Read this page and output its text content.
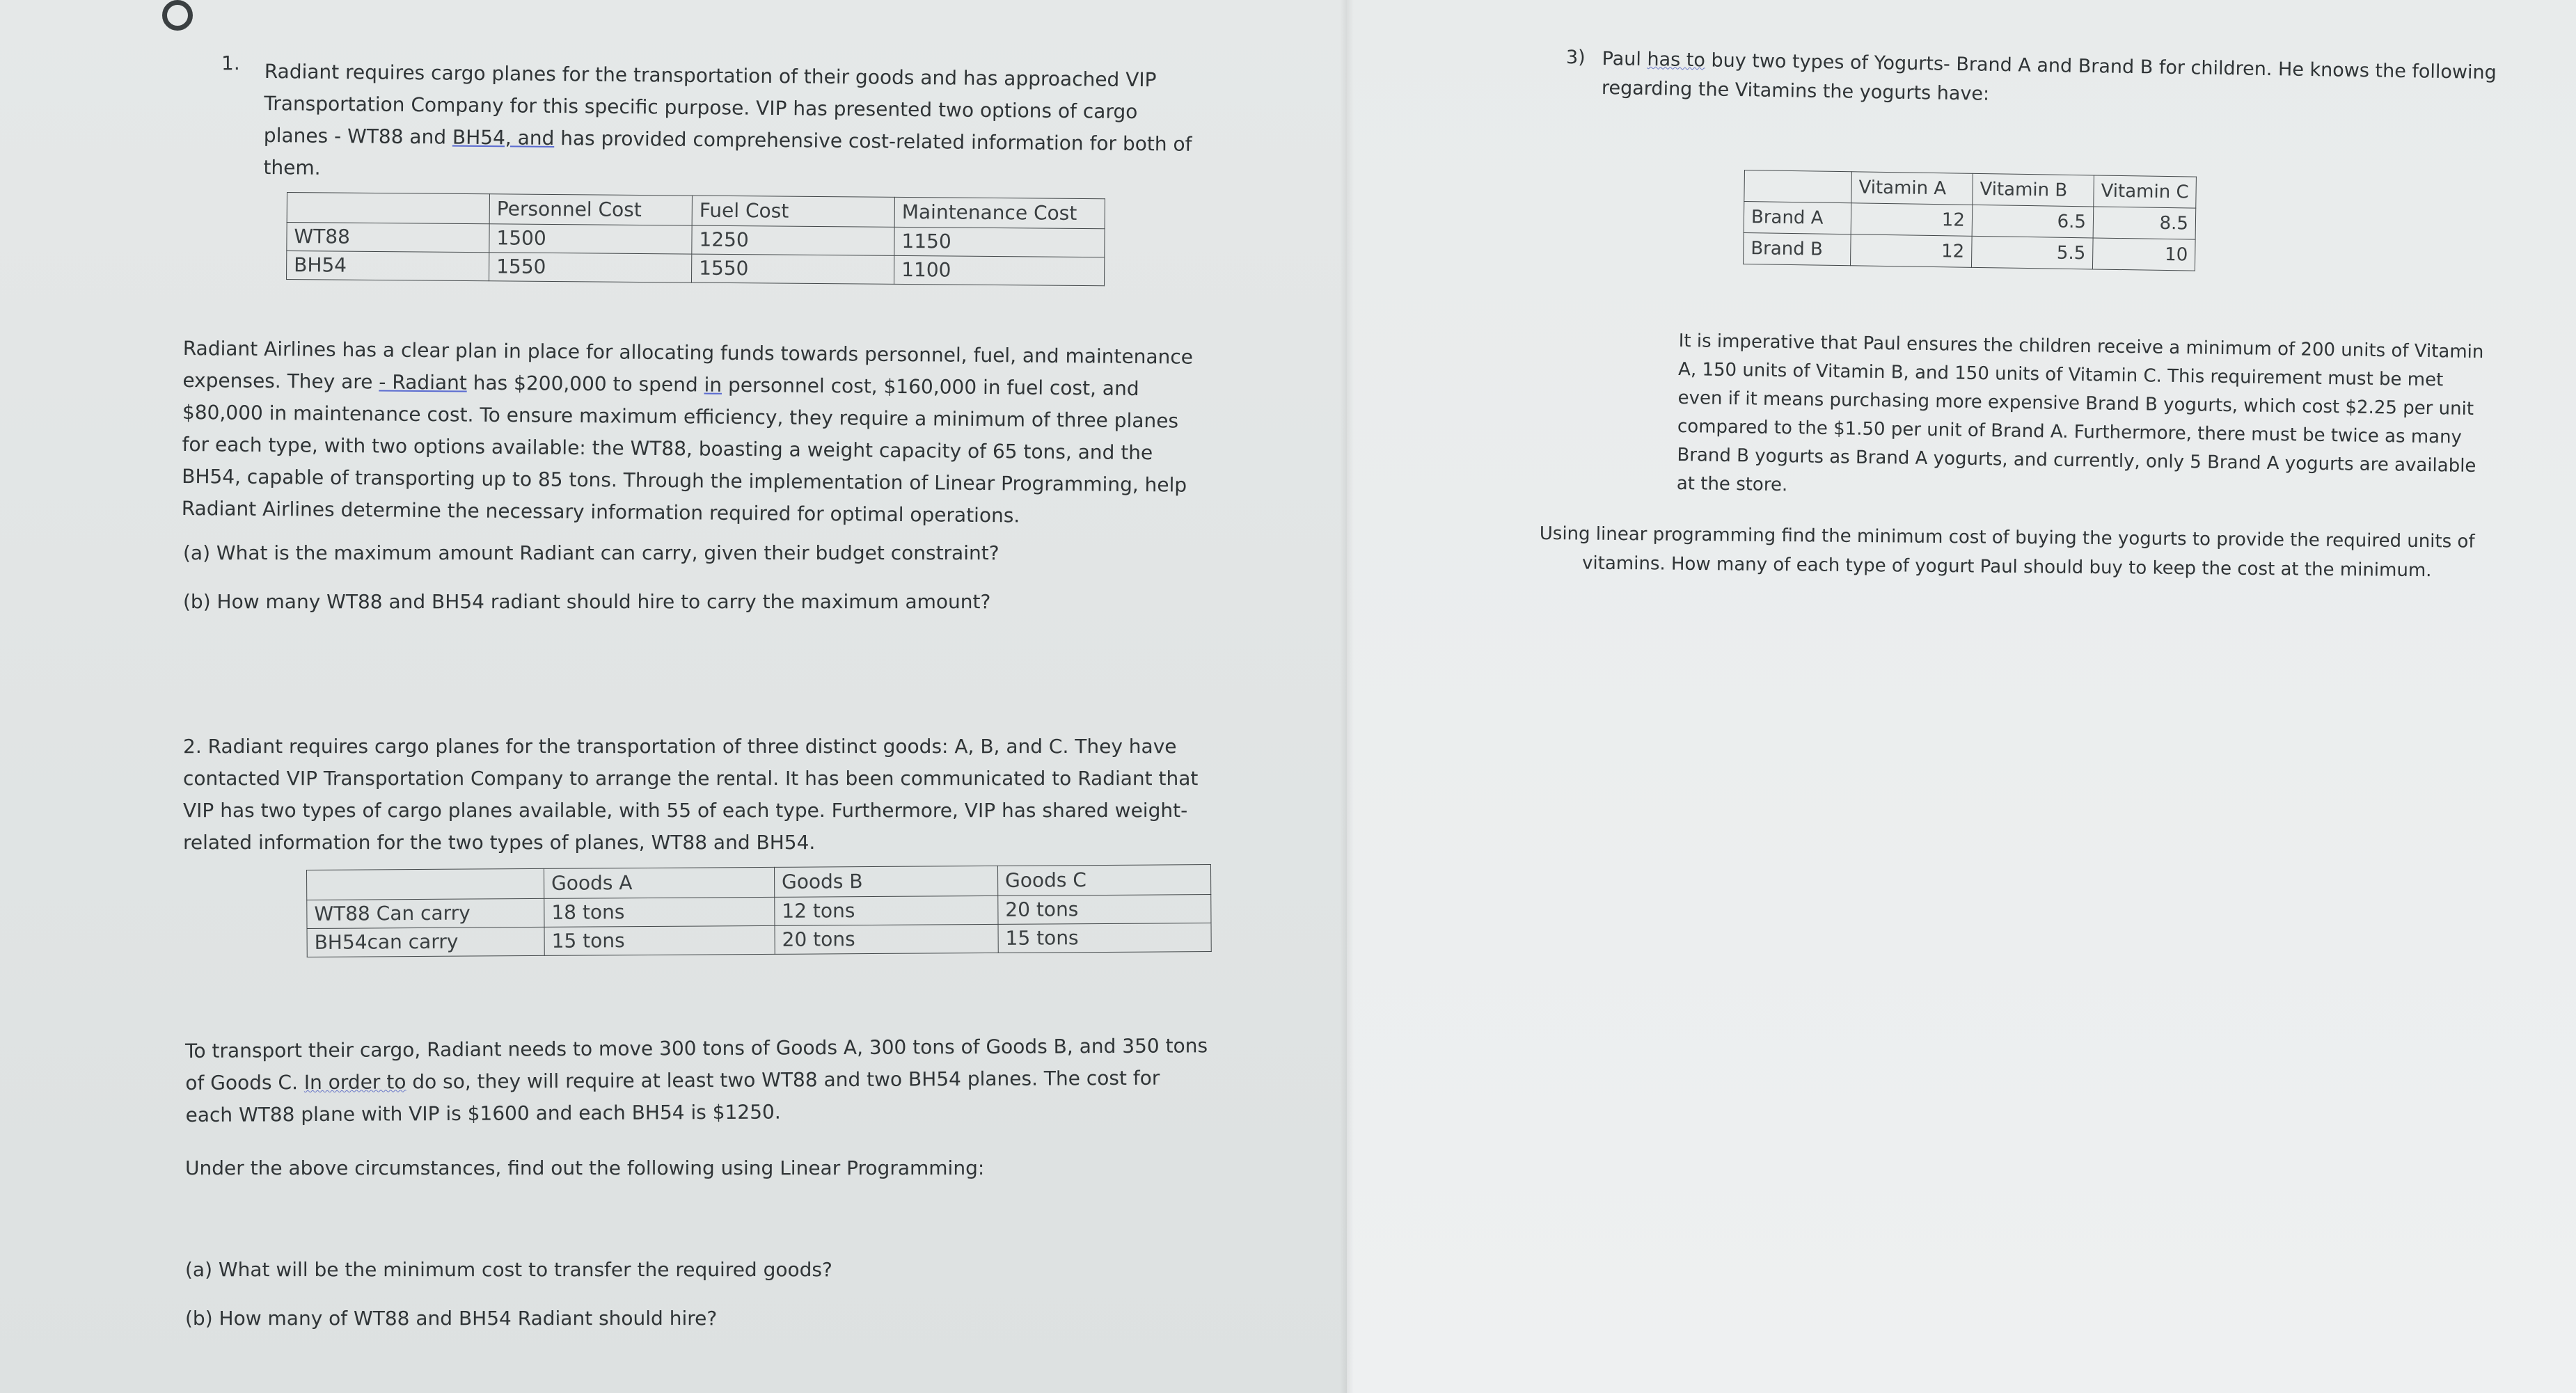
1. Radiant requires cargo planes for the transportation of their goods and has approached VIP
Transportation Company for this specific purpose. VIP has presented two options of cargo
planes - WT88 and BH54, and has provided comprehensive cost-related information for both of
them.
	Personnel Cost	Fuel Cost	Maintenance Cost
WT88	1500	1250	1150
BH54	1550	1550	1100
Radiant Airlines has a clear plan in place for allocating funds towards personnel, fuel, and maintenance
expenses. They are - Radiant has $200,000 to spend in personnel cost, $160,000 in fuel cost, and
$80,000 in maintenance cost. To ensure maximum efficiency, they require a minimum of three planes
for each type, with two options available: the WT88, boasting a weight capacity of 65 tons, and the
BH54, capable of transporting up to 85 tons. Through the implementation of Linear Programming, help
Radiant Airlines determine the necessary information required for optimal operations.
(a) What is the maximum amount Radiant can carry, given their budget constraint?
(b) How many WT88 and BH54 radiant should hire to carry the maximum amount?
2. Radiant requires cargo planes for the transportation of three distinct goods: A, B, and C. They have
contacted VIP Transportation Company to arrange the rental. It has been communicated to Radiant that
VIP has two types of cargo planes available, with 55 of each type. Furthermore, VIP has shared weight-
related information for the two types of planes, WT88 and BH54.
	Goods A	Goods B	Goods C
WT88 Can carry	18 tons	12 tons	20 tons
BH54can carry	15 tons	20 tons	15 tons
To transport their cargo, Radiant needs to move 300 tons of Goods A, 300 tons of Goods B, and 350 tons
of Goods C. In order to do so, they will require at least two WT88 and two BH54 planes. The cost for
each WT88 plane with VIP is $1600 and each BH54 is $1250.
Under the above circumstances, find out the following using Linear Programming:
(a) What will be the minimum cost to transfer the required goods?
(b) How many of WT88 and BH54 Radiant should hire?
3) Paul has to buy two types of Yogurts- Brand A and Brand B for children. He knows the following
regarding the Vitamins the yogurts have:
	Vitamin A	Vitamin B	Vitamin C
Brand A	12	6.5	8.5
Brand B	12	5.5	10
It is imperative that Paul ensures the children receive a minimum of 200 units of Vitamin
A, 150 units of Vitamin B, and 150 units of Vitamin C. This requirement must be met
even if it means purchasing more expensive Brand B yogurts, which cost $2.25 per unit
compared to the $1.50 per unit of Brand A. Furthermore, there must be twice as many
Brand B yogurts as Brand A yogurts, and currently, only 5 Brand A yogurts are available
at the store.
Using linear programming find the minimum cost of buying the yogurts to provide the required units of
vitamins. How many of each type of yogurt Paul should buy to keep the cost at the minimum.
